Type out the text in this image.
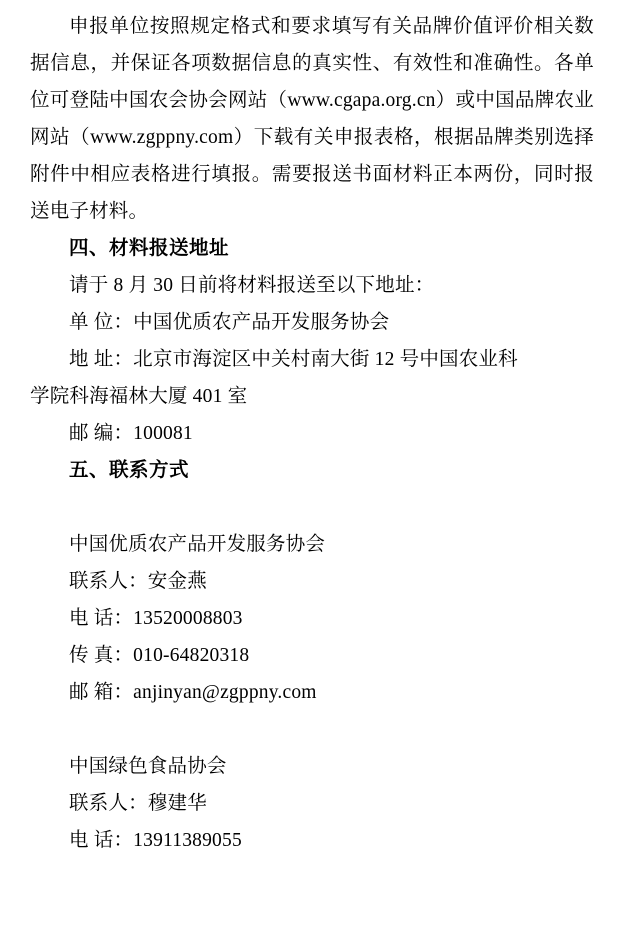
申报单位按照规定格式和要求填写有关品牌价值评价相关数据信息，并保证各项数据信息的真实性、有效性和准确性。各单位可登陆中国农会协会网站（www.cgapa.org.cn）或中国品牌农业网站（www.zgppny.com）下载有关申报表格，根据品牌类别选择附件中相应表格进行填报。需要报送书面材料正本两份，同时报送电子材料。

四、材料报送地址

请于 8 月 30 日前将材料报送至以下地址：

单 位：中国优质农产品开发服务协会

地 址：北京市海淀区中关村南大街 12 号中国农业科

学院科海福林大厦 401 室

邮 编：100081

五、联系方式

中国优质农产品开发服务协会

联系人：安金燕

电 话：13520008803

传 真：010-64820318

邮 箱：anjinyan@zgppny.com

中国绿色食品协会

联系人：穆建华

电 话：13911389055
